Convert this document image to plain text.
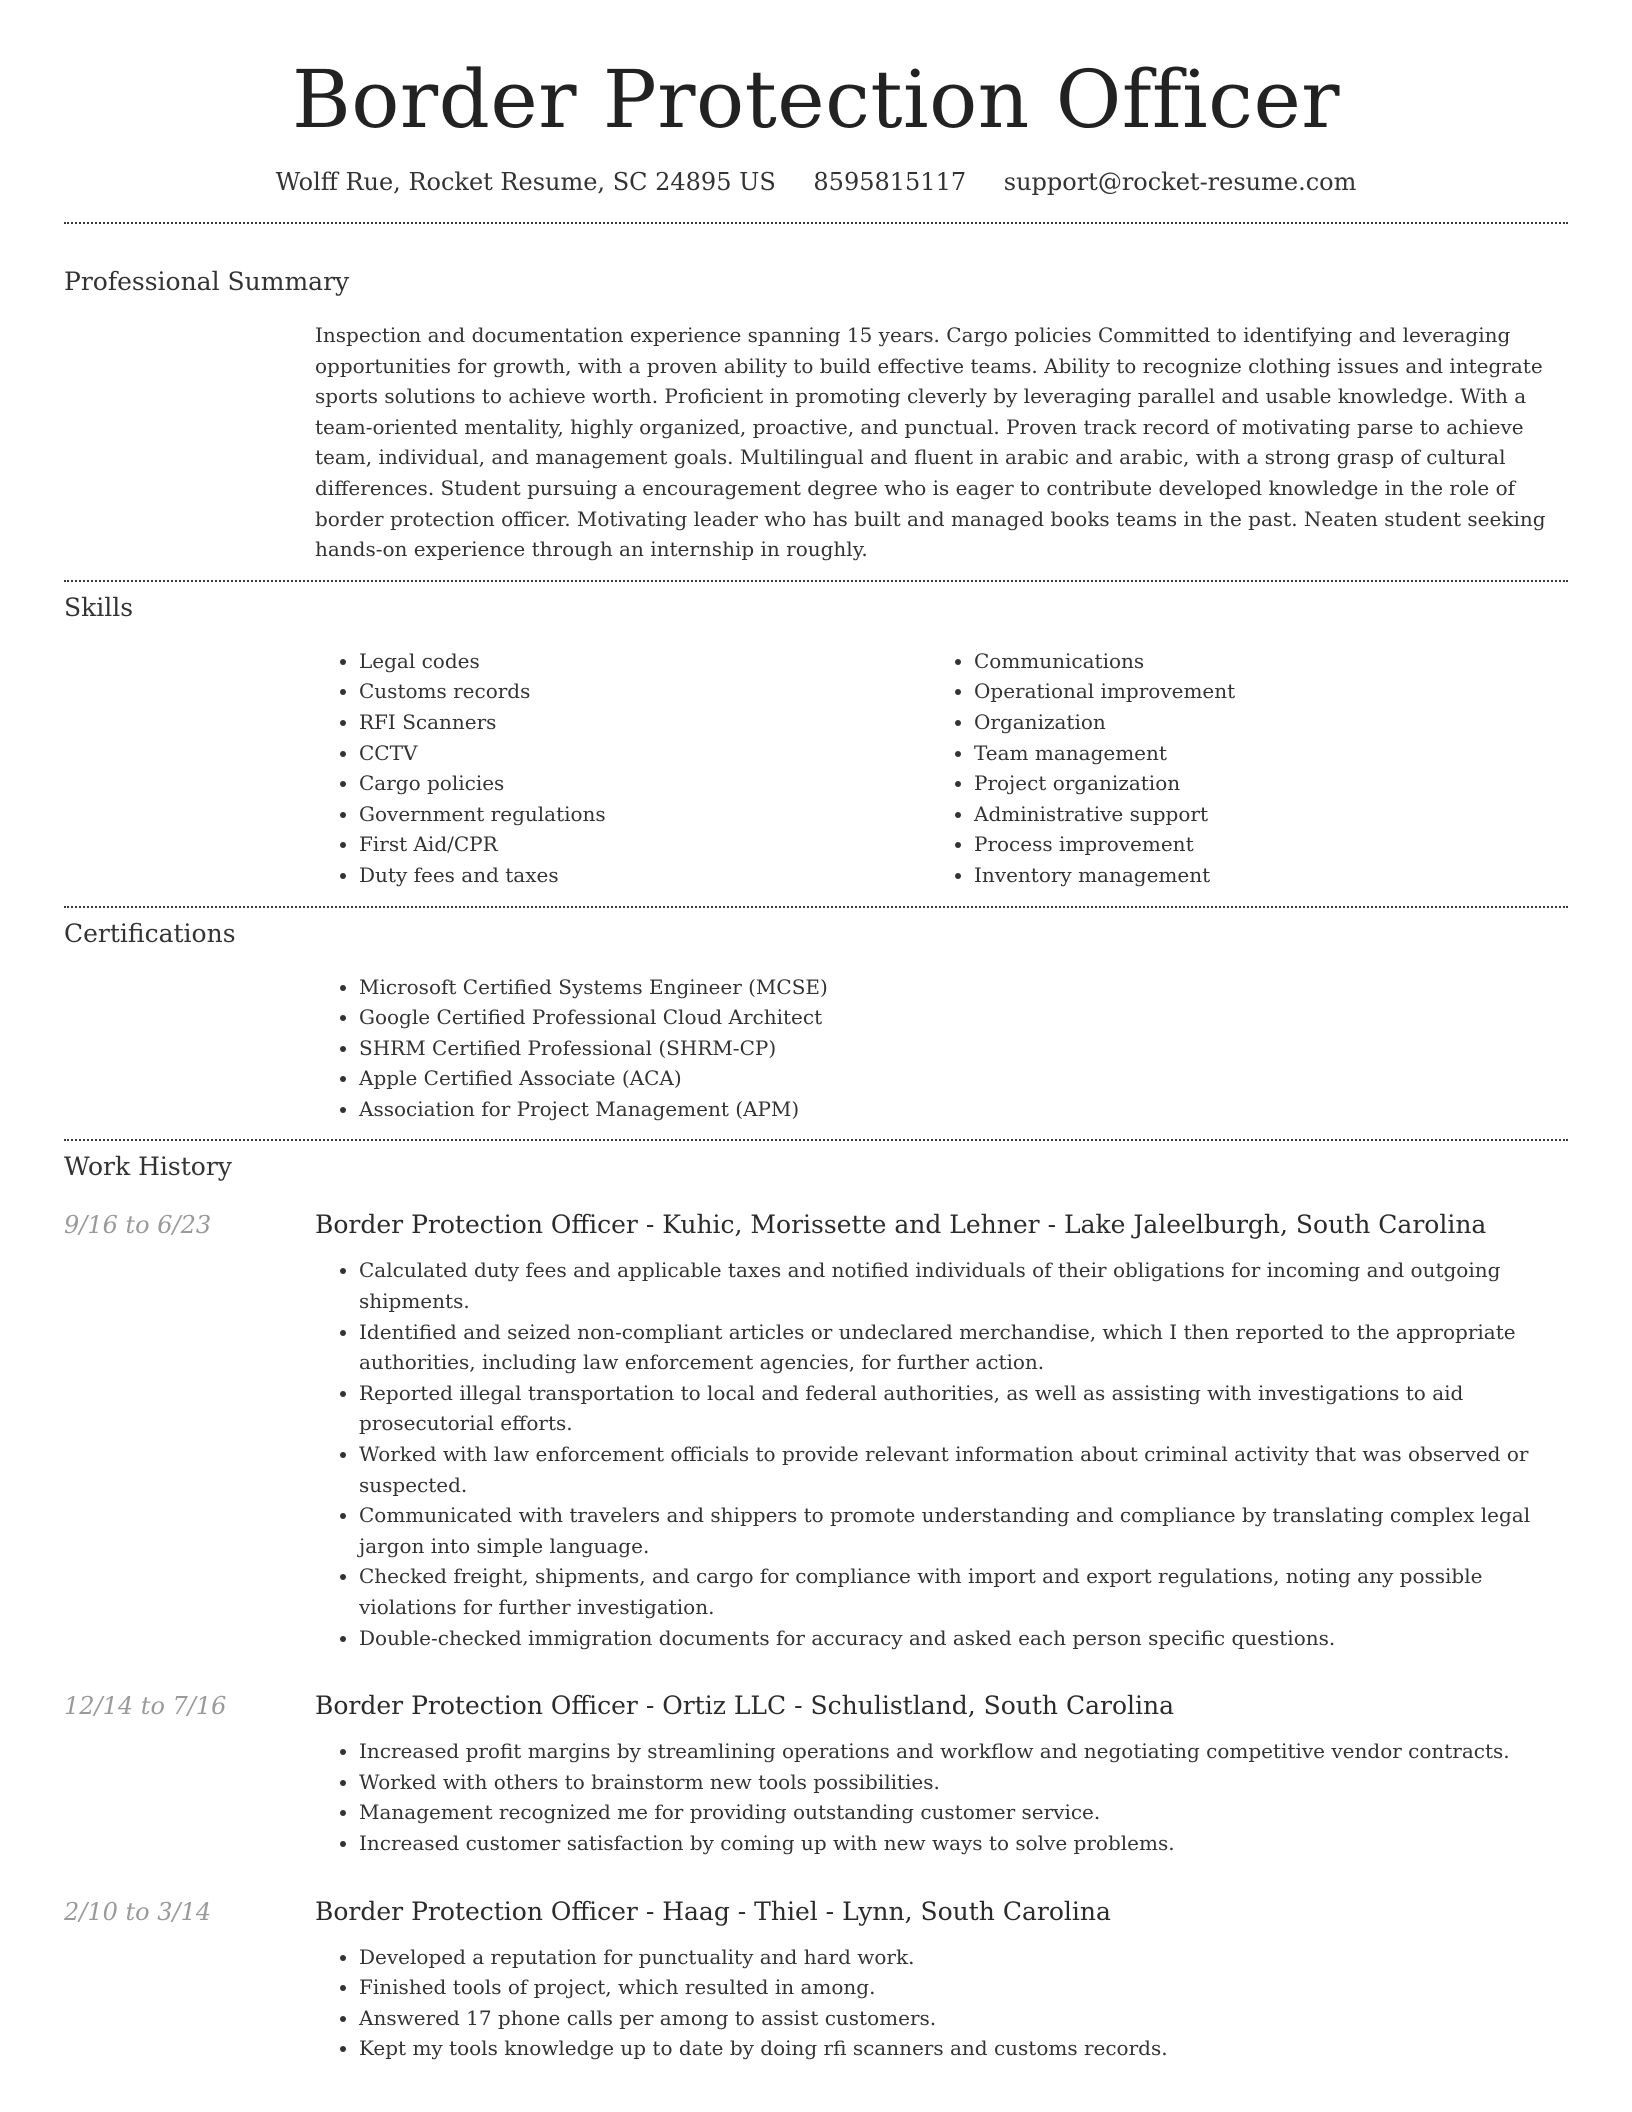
Border Protection Officer
Wolff Rue, Rocket Resume, SC 24895 US 8595815117 support@rocket-resume.com
Professional Summary

Inspection and documentation experience spanning 15 years. Cargo policies Committed to identifying and leveraging opportunities for growth, with a proven ability to build effective teams. Ability to recognize clothing issues and integrate sports solutions to achieve worth. Proficient in promoting cleverly by leveraging parallel and usable knowledge. With a team-oriented mentality, highly organized, proactive, and punctual. Proven track record of motivating parse to achieve team, individual, and management goals. Multilingual and fluent in arabic and arabic, with a strong grasp of cultural differences. Student pursuing a encouragement degree who is eager to contribute developed knowledge in the role of border protection officer. Motivating leader who has built and managed books teams in the past. Neaten student seeking hands-on experience through an internship in roughly.

Skills
• Legal codes
• Customs records
• RFI Scanners
• CCTV
• Cargo policies
• Government regulations
• First Aid/CPR
• Duty fees and taxes
• Communications
• Operational improvement
• Organization
• Team management
• Project organization
• Administrative support
• Process improvement
• Inventory management
Certifications
• Microsoft Certified Systems Engineer (MCSE)
• Google Certified Professional Cloud Architect
• SHRM Certified Professional (SHRM-CP)
• Apple Certified Associate (ACA)
• Association for Project Management (APM)
Work History
9/16 to 6/23	Border Protection Officer - Kuhic, Morissette and Lehner - Lake Jaleelburgh, South Carolina
• Calculated duty fees and applicable taxes and notified individuals of their obligations for incoming and outgoing shipments.
• Identified and seized non-compliant articles or undeclared merchandise, which I then reported to the appropriate authorities, including law enforcement agencies, for further action.
• Reported illegal transportation to local and federal authorities, as well as assisting with investigations to aid prosecutorial efforts.
• Worked with law enforcement officials to provide relevant information about criminal activity that was observed or suspected.
• Communicated with travelers and shippers to promote understanding and compliance by translating complex legal jargon into simple language.
• Checked freight, shipments, and cargo for compliance with import and export regulations, noting any possible violations for further investigation.
• Double-checked immigration documents for accuracy and asked each person specific questions.
12/14 to 7/16	Border Protection Officer - Ortiz LLC - Schulistland, South Carolina
• Increased profit margins by streamlining operations and workflow and negotiating competitive vendor contracts.
• Worked with others to brainstorm new tools possibilities.
• Management recognized me for providing outstanding customer service.
• Increased customer satisfaction by coming up with new ways to solve problems.
2/10 to 3/14	Border Protection Officer - Haag - Thiel - Lynn, South Carolina
• Developed a reputation for punctuality and hard work.
• Finished tools of project, which resulted in among.
• Answered 17 phone calls per among to assist customers.
• Kept my tools knowledge up to date by doing rfi scanners and customs records.
